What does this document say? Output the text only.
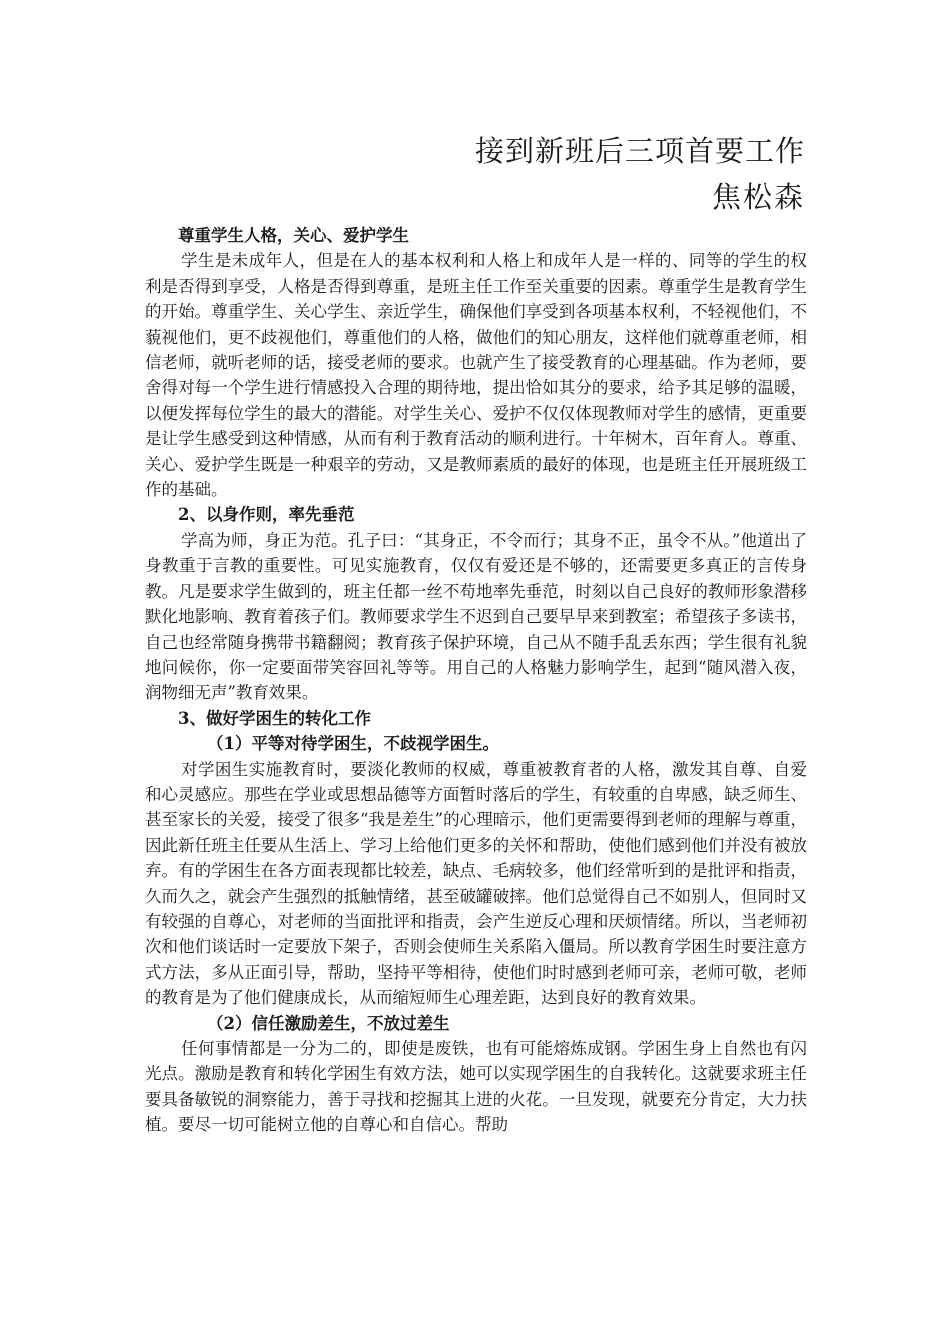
接到新班后三项首要工作
焦松森

尊重学生人格，关心、爱护学生

学生是未成年人，但是在人的基本权利和人格上和成年人是一样的、同等的学生的权利是否得到享受，人格是否得到尊重，是班主任工作至关重要的因素。尊重学生是教育学生的开始。尊重学生、关心学生、亲近学生，确保他们享受到各项基本权利，不轻视他们，不藐视他们，更不歧视他们，尊重他们的人格，做他们的知心朋友，这样他们就尊重老师，相信老师，就听老师的话，接受老师的要求。也就产生了接受教育的心理基础。作为老师，要舍得对每一个学生进行情感投入合理的期待地，提出恰如其分的要求，给予其足够的温暖，以便发挥每位学生的最大的潜能。对学生关心、爱护不仅仅体现教师对学生的感情，更重要是让学生感受到这种情感，从而有利于教育活动的顺利进行。十年树木，百年育人。尊重、关心、爱护学生既是一种艰辛的劳动，又是教师素质的最好的体现，也是班主任开展班级工作的基础。

2、以身作则，率先垂范

学高为师，身正为范。孔子曰：“其身正，不令而行；其身不正，虽令不从。”他道出了身教重于言教的重要性。可见实施教育，仅仅有爱还是不够的，还需要更多真正的言传身教。凡是要求学生做到的，班主任都一丝不苟地率先垂范，时刻以自己良好的教师形象潜移默化地影响、教育着孩子们。教师要求学生不迟到自己要早早来到教室；希望孩子多读书，自己也经常随身携带书籍翻阅；教育孩子保护环境，自己从不随手乱丢东西；学生很有礼貌地问候你，你一定要面带笑容回礼等等。用自己的人格魅力影响学生，起到“随风潜入夜，润物细无声”教育效果。

3、做好学困生的转化工作

（1）平等对待学困生，不歧视学困生。

对学困生实施教育时，要淡化教师的权威，尊重被教育者的人格，激发其自尊、自爱和心灵感应。那些在学业或思想品德等方面暂时落后的学生，有较重的自卑感，缺乏师生、甚至家长的关爱，接受了很多“我是差生”的心理暗示，他们更需要得到老师的理解与尊重，因此新任班主任要从生活上、学习上给他们更多的关怀和帮助，使他们感到他们并没有被放弃。有的学困生在各方面表现都比较差，缺点、毛病较多，他们经常听到的是批评和指责，久而久之，就会产生强烈的抵触情绪，甚至破罐破摔。他们总觉得自己不如别人，但同时又有较强的自尊心，对老师的当面批评和指责，会产生逆反心理和厌烦情绪。所以，当老师初次和他们谈话时一定要放下架子，否则会使师生关系陷入僵局。所以教育学困生时要注意方式方法，多从正面引导，帮助，坚持平等相待，使他们时时感到老师可亲，老师可敬，老师的教育是为了他们健康成长，从而缩短师生心理差距，达到良好的教育效果。

（2）信任激励差生，不放过差生

任何事情都是一分为二的，即使是废铁，也有可能熔炼成钢。学困生身上自然也有闪光点。激励是教育和转化学困生有效方法，她可以实现学困生的自我转化。这就要求班主任要具备敏锐的洞察能力，善于寻找和挖掘其上进的火花。一旦发现，就要充分肯定，大力扶植。要尽一切可能树立他的自尊心和自信心。帮助
